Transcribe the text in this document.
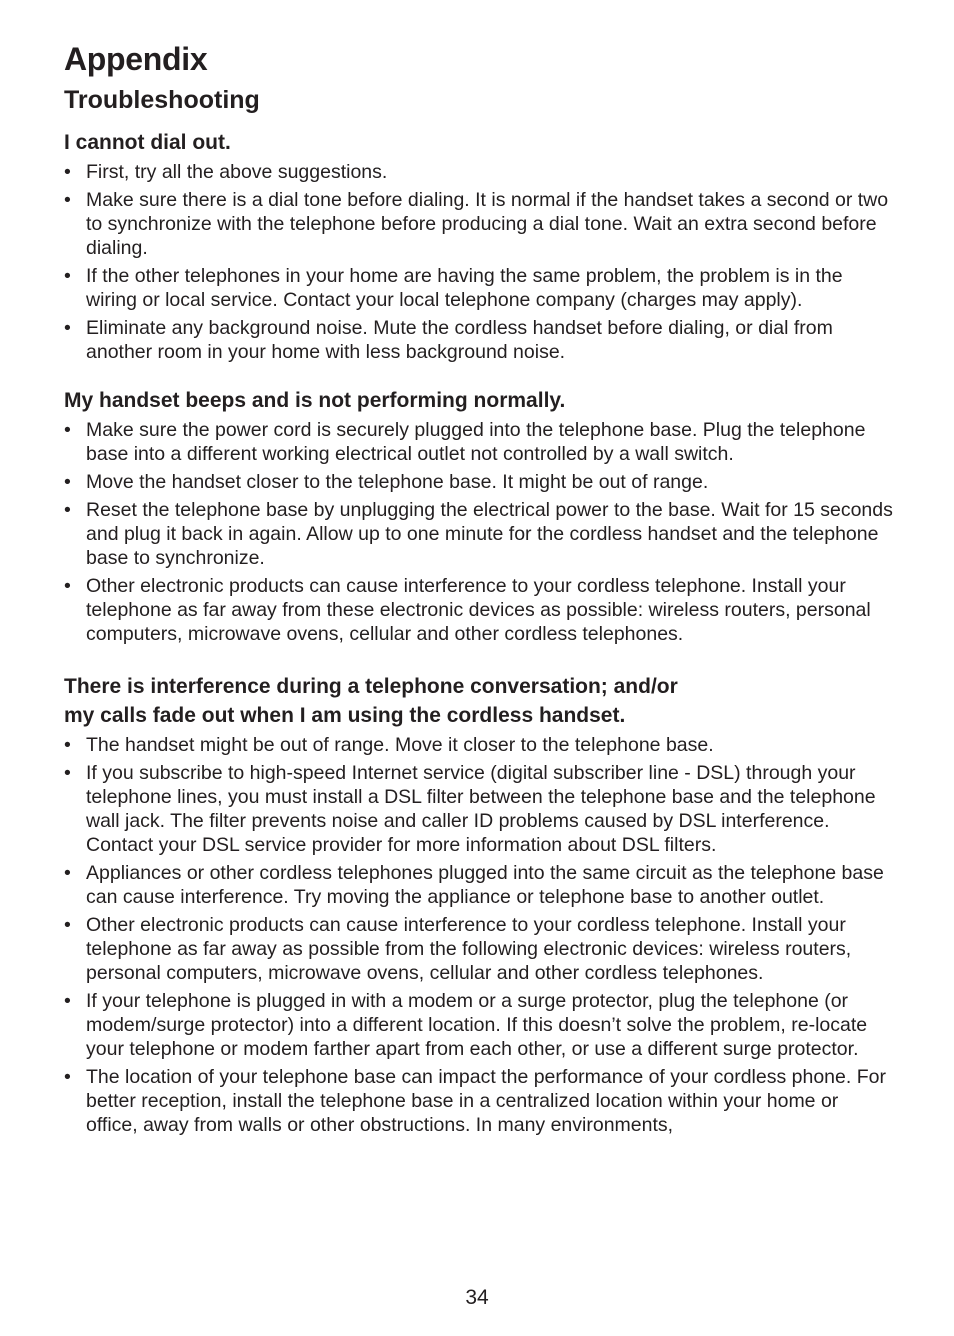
Appendix
Troubleshooting
I cannot dial out.
• First, try all the above suggestions.
• Make sure there is a dial tone before dialing. It is normal if the handset takes a second or two to synchronize with the telephone before producing a dial tone. Wait an extra second before dialing.
• If the other telephones in your home are having the same problem, the problem is in the wiring or local service. Contact your local telephone company (charges may apply).
• Eliminate any background noise. Mute the cordless handset before dialing, or dial from another room in your home with less background noise.
My handset beeps and is not performing normally.
• Make sure the power cord is securely plugged into the telephone base. Plug the telephone base into a different working electrical outlet not controlled by a wall switch.
• Move the handset closer to the telephone base. It might be out of range.
• Reset the telephone base by unplugging the electrical power to the base. Wait for 15 seconds and plug it back in again. Allow up to one minute for the cordless handset and the telephone base to synchronize.
• Other electronic products can cause interference to your cordless telephone. Install your telephone as far away from these electronic devices as possible: wireless routers, personal computers, microwave ovens, cellular and other cordless telephones.
There is interference during a telephone conversation; and/or
my calls fade out when I am using the cordless handset.
• The handset might be out of range. Move it closer to the telephone base.
• If you subscribe to high-speed Internet service (digital subscriber line - DSL) through your telephone lines, you must install a DSL filter between the telephone base and the telephone wall jack. The filter prevents noise and caller ID problems caused by DSL interference. Contact your DSL service provider for more information about DSL filters.
• Appliances or other cordless telephones plugged into the same circuit as the telephone base can cause interference. Try moving the appliance or telephone base to another outlet.
• Other electronic products can cause interference to your cordless telephone. Install your telephone as far away as possible from the following electronic devices: wireless routers, personal computers, microwave ovens, cellular and other cordless telephones.
• If your telephone is plugged in with a modem or a surge protector, plug the telephone (or modem/surge protector) into a different location. If this doesn’t solve the problem, re-locate your telephone or modem farther apart from each other, or use a different surge protector.
• The location of your telephone base can impact the performance of your cordless phone. For better reception, install the telephone base in a centralized location within your home or office, away from walls or other obstructions. In many environments,
34
